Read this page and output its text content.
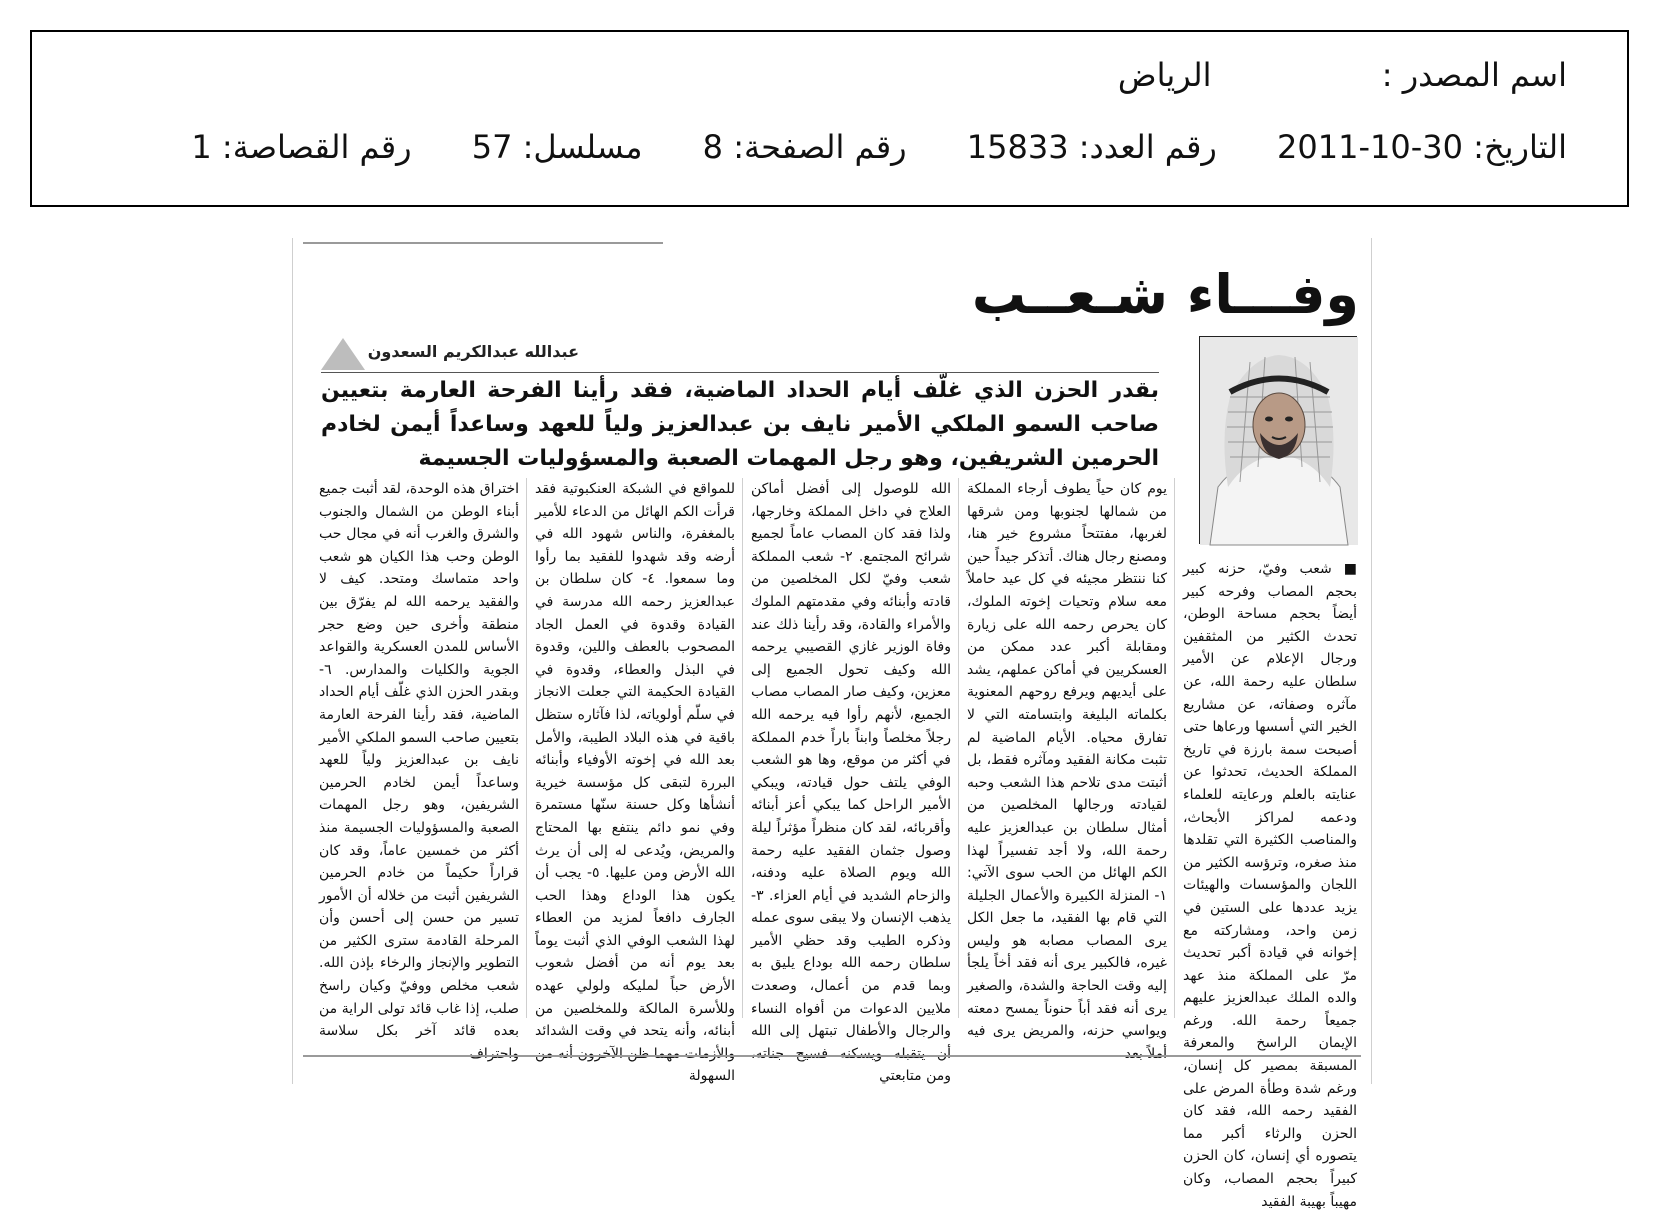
اسم المصدر : الرياض
التاريخ: 30-10-2011 رقم العدد: 15833 رقم الصفحة: 8 مسلسل: 57 رقم القصاصة: 1
وفـــاء شـعــب
عبدالله عبدالكريم السعدون
بقدر الحزن الذي غلّف أيام الحداد الماضية، فقد رأينا الفرحة العارمة بتعيين صاحب السمو الملكي الأمير نايف بن عبدالعزيز ولياً للعهد وساعداً أيمن لخادم الحرمين الشريفين، وهو رجل المهمات الصعبة والمسؤوليات الجسيمة

■ شعب وفيّ، حزنه كبير بحجم المصاب وفرحه كبير أيضاً بحجم مساحة الوطن، تحدث الكثير من المثقفين ورجال الإعلام عن الأمير سلطان عليه رحمة الله، عن مآثره وصفاته، عن مشاريع الخير التي أسسها ورعاها حتى أصبحت سمة بارزة في تاريخ المملكة الحديث، تحدثوا عن عنايته بالعلم ورعايته للعلماء ودعمه لمراكز الأبحاث، والمناصب الكثيرة التي تقلدها منذ صغره، وترؤسه الكثير من اللجان والمؤسسات والهيئات يزيد عددها على الستين في زمن واحد، ومشاركته مع إخوانه في قيادة أكبر تحديث مرّ على المملكة منذ عهد والده الملك عبدالعزيز عليهم جميعاً رحمة الله. ورغم الإيمان الراسخ والمعرفة المسبقة بمصير كل إنسان، ورغم شدة وطأة المرض على الفقيد رحمه الله، فقد كان الحزن والرثاء أكبر مما يتصوره أي إنسان، كان الحزن كبيراً بحجم المصاب، وكان مهيباً بهيبة الفقيد

يوم كان حياً يطوف أرجاء المملكة من شمالها لجنوبها ومن شرقها لغربها، مفتتحاً مشروع خير هنا، ومصنع رجال هناك. أتذكر جيداً حين كنا ننتظر مجيئه في كل عيد حاملاً معه سلام وتحيات إخوته الملوك، كان يحرص رحمه الله على زيارة ومقابلة أكبر عدد ممكن من العسكريين في أماكن عملهم، يشد على أيديهم ويرفع روحهم المعنوية بكلماته البليغة وابتسامته التي لا تفارق محياه. الأيام الماضية لم تثبت مكانة الفقيد ومآثره فقط، بل أثبتت مدى تلاحم هذا الشعب وحبه لقيادته ورجالها المخلصين من أمثال سلطان بن عبدالعزيز عليه رحمة الله، ولا أجد تفسيراً لهذا الكم الهائل من الحب سوى الآتي: ١- المنزلة الكبيرة والأعمال الجليلة التي قام بها الفقيد، ما جعل الكل يرى المصاب مصابه هو وليس غيره، فالكبير يرى أنه فقد أخاً يلجأ إليه وقت الحاجة والشدة، والصغير يرى أنه فقد أباً حنوناً يمسح دمعته ويواسي حزنه، والمريض يرى فيه أملاً بعد

الله للوصول إلى أفضل أماكن العلاج في داخل المملكة وخارجها، ولذا فقد كان المصاب عاماً لجميع شرائح المجتمع. ٢- شعب المملكة شعب وفيّ لكل المخلصين من قادته وأبنائه وفي مقدمتهم الملوك والأمراء والقادة، وقد رأينا ذلك عند وفاة الوزير غازي القصيبي يرحمه الله وكيف تحول الجميع إلى معزين، وكيف صار المصاب مصاب الجميع، لأنهم رأوا فيه يرحمه الله رجلاً مخلصاً وابناً باراً خدم المملكة في أكثر من موقع، وها هو الشعب الوفي يلتف حول قيادته، ويبكي الأمير الراحل كما يبكي أعز أبنائه وأقربائه، لقد كان منظراً مؤثراً ليلة وصول جثمان الفقيد عليه رحمة الله ويوم الصلاة عليه ودفنه، والزحام الشديد في أيام العزاء. ٣- يذهب الإنسان ولا يبقى سوى عمله وذكره الطيب وقد حظي الأمير سلطان رحمه الله بوداع يليق به وبما قدم من أعمال، وصعدت ملايين الدعوات من أفواه النساء والرجال والأطفال تبتهل إلى الله أن يتقبله ويسكنه فسيح جناته، ومن متابعتي

للمواقع في الشبكة العنكبوتية فقد قرأت الكم الهائل من الدعاء للأمير بالمغفرة، والناس شهود الله في أرضه وقد شهدوا للفقيد بما رأوا وما سمعوا. ٤- كان سلطان بن عبدالعزيز رحمه الله مدرسة في القيادة وقدوة في العمل الجاد المصحوب بالعطف واللين، وقدوة في البذل والعطاء، وقدوة في القيادة الحكيمة التي جعلت الانجاز في سلّم أولوياته، لذا فآثاره ستظل باقية في هذه البلاد الطيبة، والأمل بعد الله في إخوته الأوفياء وأبنائه البررة لتبقى كل مؤسسة خيرية أنشأها وكل حسنة سنّها مستمرة وفي نمو دائم ينتفع بها المحتاج والمريض، ويُدعى له إلى أن يرث الله الأرض ومن عليها. ٥- يجب أن يكون هذا الوداع وهذا الحب الجارف دافعاً لمزيد من العطاء لهذا الشعب الوفي الذي أثبت يوماً بعد يوم أنه من أفضل شعوب الأرض حباً لمليكه ولولي عهده وللأسرة المالكة وللمخلصين من أبنائه، وأنه يتحد في وقت الشدائد والأزمات مهما ظن الآخرون أنه من السهولة

اختراق هذه الوحدة، لقد أثبت جميع أبناء الوطن من الشمال والجنوب والشرق والغرب أنه في مجال حب الوطن وحب هذا الكيان هو شعب واحد متماسك ومتحد. كيف لا والفقيد يرحمه الله لم يفرّق بين منطقة وأخرى حين وضع حجر الأساس للمدن العسكرية والقواعد الجوية والكليات والمدارس. ٦- وبقدر الحزن الذي غلّف أيام الحداد الماضية، فقد رأينا الفرحة العارمة بتعيين صاحب السمو الملكي الأمير نايف بن عبدالعزيز ولياً للعهد وساعداً أيمن لخادم الحرمين الشريفين، وهو رجل المهمات الصعبة والمسؤوليات الجسيمة منذ أكثر من خمسين عاماً، وقد كان قراراً حكيماً من خادم الحرمين الشريفين أثبت من خلاله أن الأمور تسير من حسن إلى أحسن وأن المرحلة القادمة سترى الكثير من التطوير والإنجاز والرخاء بإذن الله. شعب مخلص ووفيّ وكيان راسخ صلب، إذا غاب قائد تولى الراية من بعده قائد آخر بكل سلاسة واحتراف
